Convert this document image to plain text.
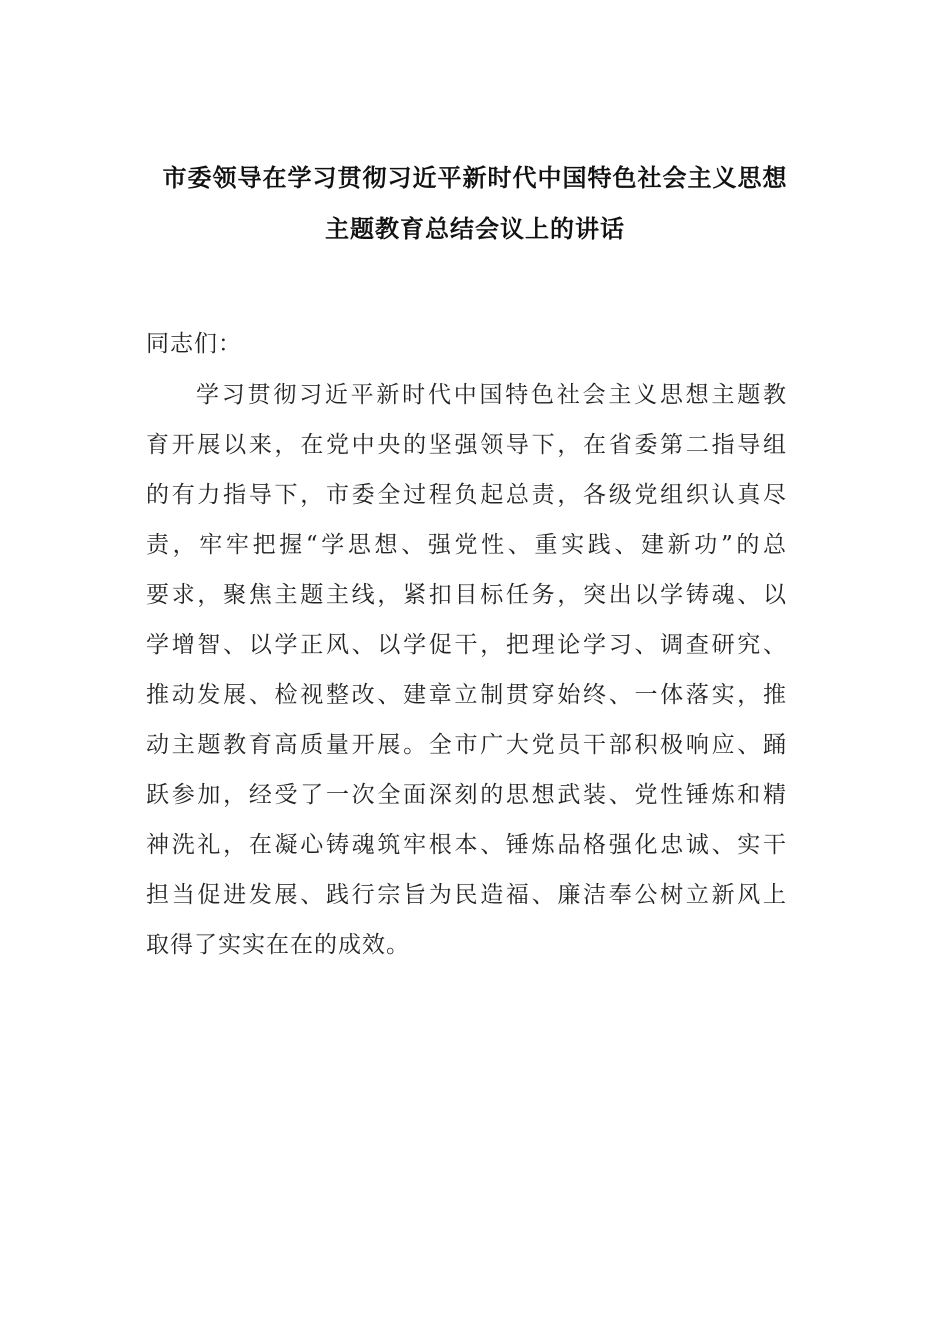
市委领导在学习贯彻习近平新时代中国特色社会主义思想
主题教育总结会议上的讲话
同志们：
学习贯彻习近平新时代中国特色社会主义思想主题教
育开展以来，在党中央的坚强领导下，在省委第二指导组
的有力指导下，市委全过程负起总责，各级党组织认真尽
责，牢牢把握“学思想、强党性、重实践、建新功”的总
要求，聚焦主题主线，紧扣目标任务，突出以学铸魂、以
学增智、以学正风、以学促干，把理论学习、调查研究、
推动发展、检视整改、建章立制贯穿始终、一体落实，推
动主题教育高质量开展。全市广大党员干部积极响应、踊
跃参加，经受了一次全面深刻的思想武装、党性锤炼和精
神洗礼，在凝心铸魂筑牢根本、锤炼品格强化忠诚、实干
担当促进发展、践行宗旨为民造福、廉洁奉公树立新风上
取得了实实在在的成效。
